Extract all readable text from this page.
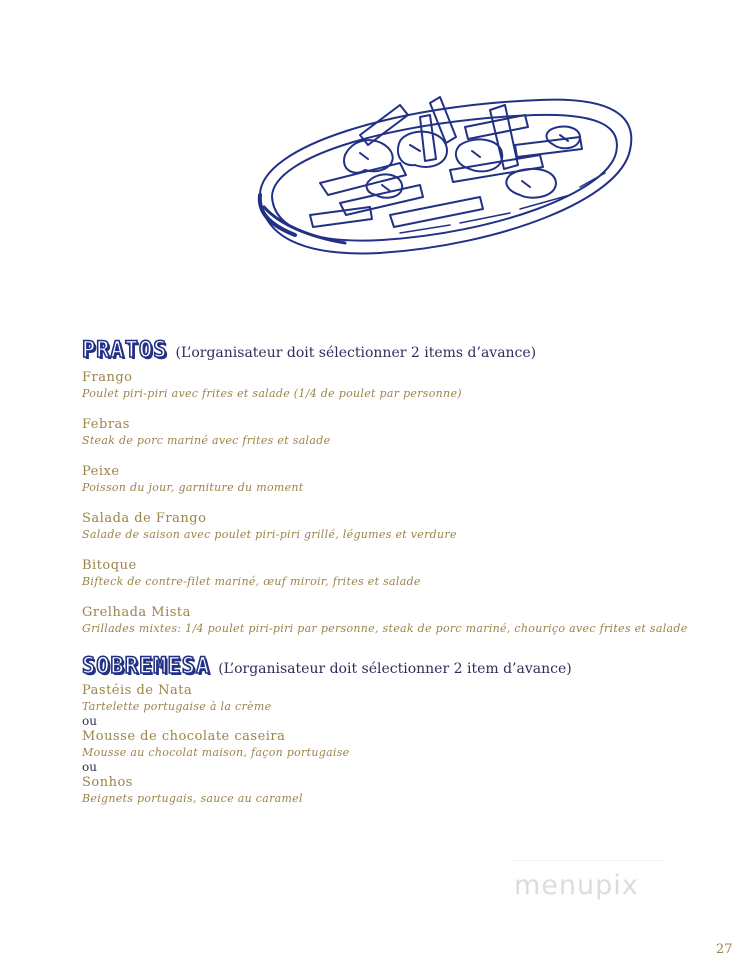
PRATOS (L’organisateur doit sélectionner 2 items d’avance)
Frango
Poulet piri-piri avec frites et salade (1/4 de poulet par personne)
Febras
Steak de porc mariné avec frites et salade
Peixe
Poisson du jour, garniture du moment
Salada de Frango
Salade de saison avec poulet piri-piri grillé, légumes et verdure
Bitoque
Bifteck de contre-filet mariné, œuf miroir, frites et salade
Grelhada Mista
Grillades mixtes: 1/4 poulet piri-piri par personne, steak de porc mariné, chouriço avec frites et salade
SOBREMESA (L’organisateur doit sélectionner 2 item d’avance)
Pastéis de Nata
Tartelette portugaise à la crème
ou
Mousse de chocolate caseira
Mousse au chocolat maison, façon portugaise
ou
Sonhos
Beignets portugais, sauce au caramel
menupix
27
